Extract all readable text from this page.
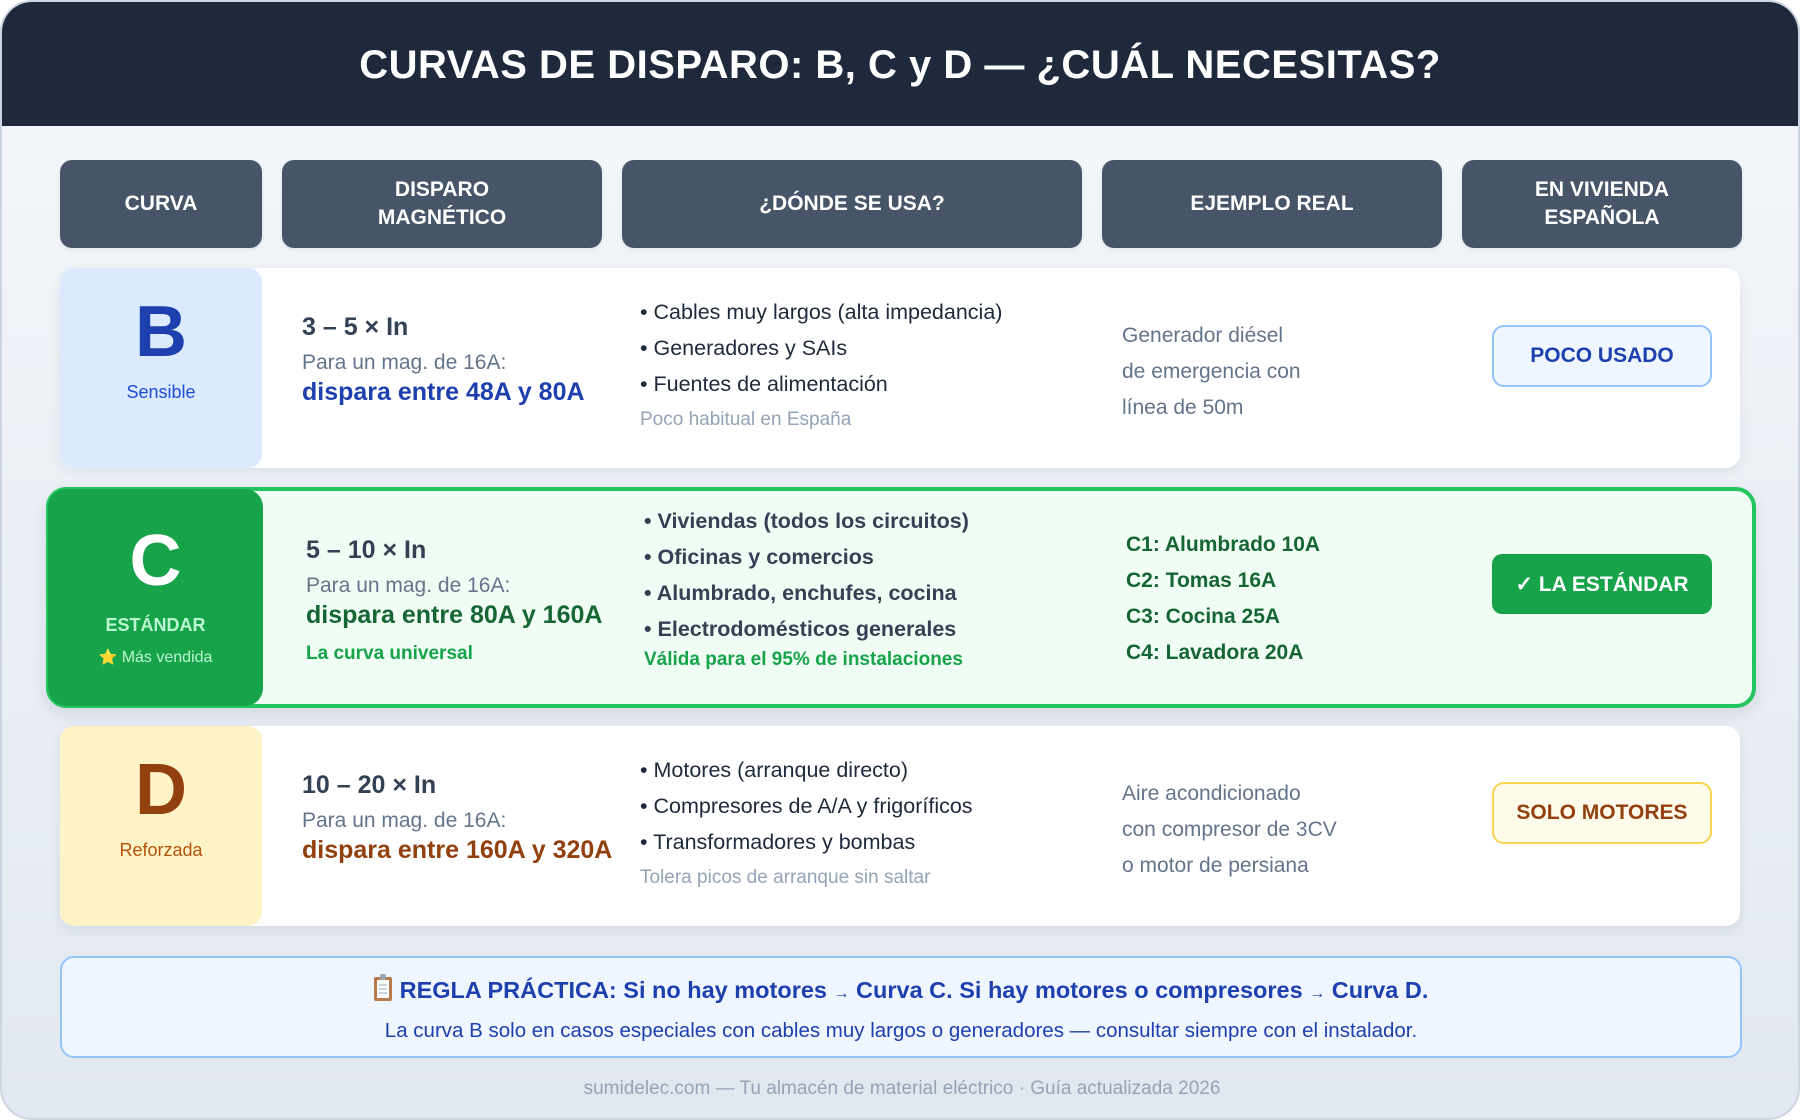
CURVAS DE DISPARO: B, C y D — ¿CUÁL NECESITAS?
CURVA
DISPARO
MAGNÉTICO
¿DÓNDE SE USA?	EJEMPLO REAL
EN VIVIENDA
ESPAÑOLA
B
Sensible
3 – 5 × In
Para un mag. de 16A:
dispara entre 48A y 80A
• Cables muy largos (alta impedancia)
• Generadores y SAIs
• Fuentes de alimentación
Poco habitual en España
Generador diésel
de emergencia con
línea de 50m
POCO USADO
C
ESTÁNDAR
⭐ Más vendida
5 – 10 × In
Para un mag. de 16A:
dispara entre 80A y 160A
La curva universal
• Viviendas (todos los circuitos)
• Oficinas y comercios
• Alumbrado, enchufes, cocina
• Electrodomésticos generales
Válida para el 95% de instalaciones
C1: Alumbrado 10A
C2: Tomas 16A
C3: Cocina 25A
C4: Lavadora 20A
✓ LA ESTÁNDAR
D
Reforzada
10 – 20 × In
Para un mag. de 16A:
dispara entre 160A y 320A
• Motores (arranque directo)
• Compresores de A/A y frigoríficos
• Transformadores y bombas
Tolera picos de arranque sin saltar
Aire acondicionado
con compresor de 3CV
o motor de persiana
SOLO MOTORES
REGLA PRÁCTICA: Si no hay motores → Curva C. Si hay motores o compresores → Curva D.
La curva B solo en casos especiales con cables muy largos o generadores — consultar siempre con el instalador.
sumidelec.com — Tu almacén de material eléctrico · Guía actualizada 2026
